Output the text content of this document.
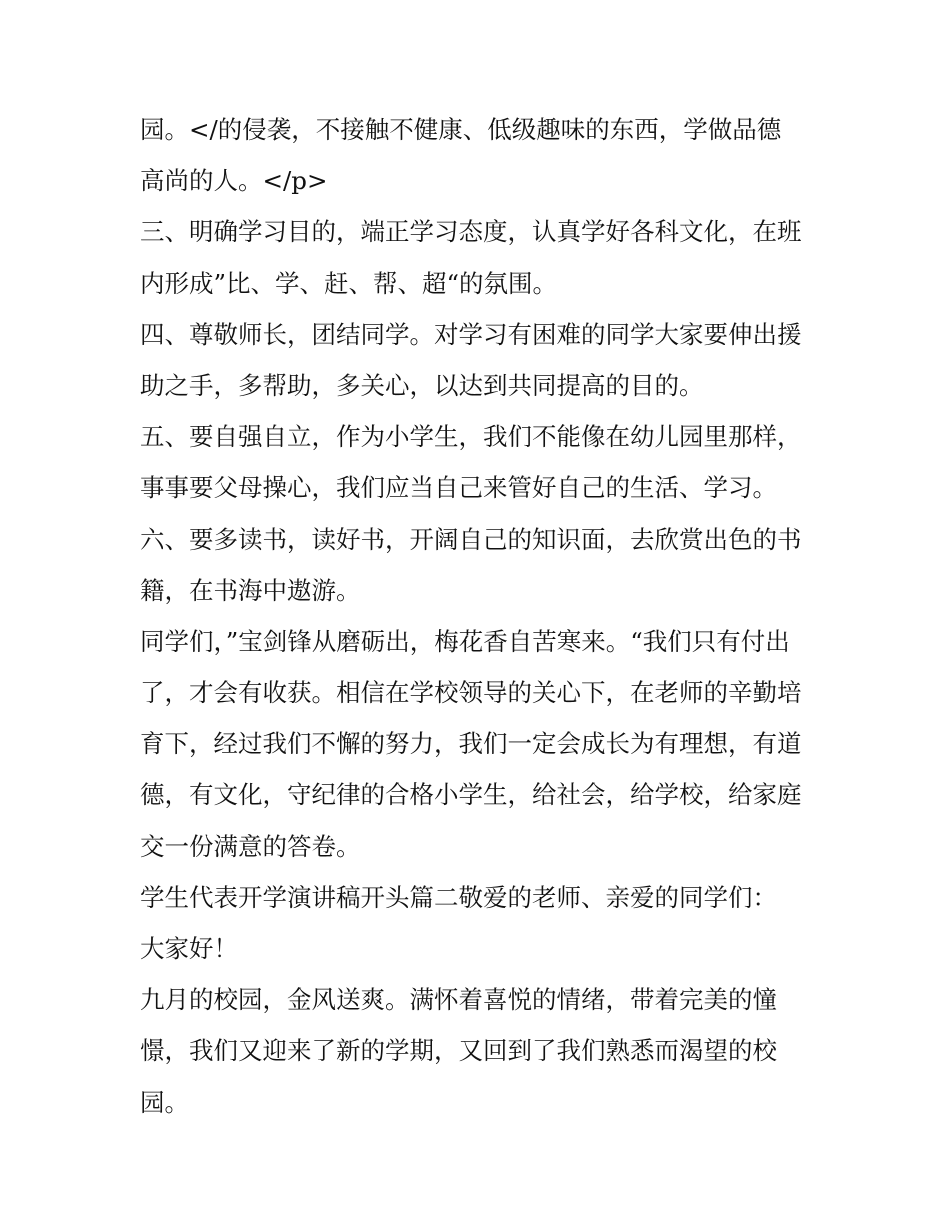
园。</的侵袭，不接触不健康、低级趣味的东西，学做品德
高尚的人。</p>
三、明确学习目的，端正学习态度，认真学好各科文化，在班
内形成”比、学、赶、帮、超“的氛围。
四、尊敬师长，团结同学。对学习有困难的同学大家要伸出援
助之手，多帮助，多关心，以达到共同提高的目的。
五、要自强自立，作为小学生，我们不能像在幼儿园里那样，
事事要父母操心，我们应当自己来管好自己的生活、学习。
六、要多读书，读好书，开阔自己的知识面，去欣赏出色的书
籍，在书海中遨游。
同学们，”宝剑锋从磨砺出，梅花香自苦寒来。“我们只有付出
了，才会有收获。相信在学校领导的关心下，在老师的辛勤培
育下，经过我们不懈的努力，我们一定会成长为有理想，有道
德，有文化，守纪律的合格小学生，给社会，给学校，给家庭
交一份满意的答卷。
学生代表开学演讲稿开头篇二敬爱的老师、亲爱的同学们：
大家好！
九月的校园，金风送爽。满怀着喜悦的情绪，带着完美的憧
憬，我们又迎来了新的学期，又回到了我们熟悉而渴望的校
园。
